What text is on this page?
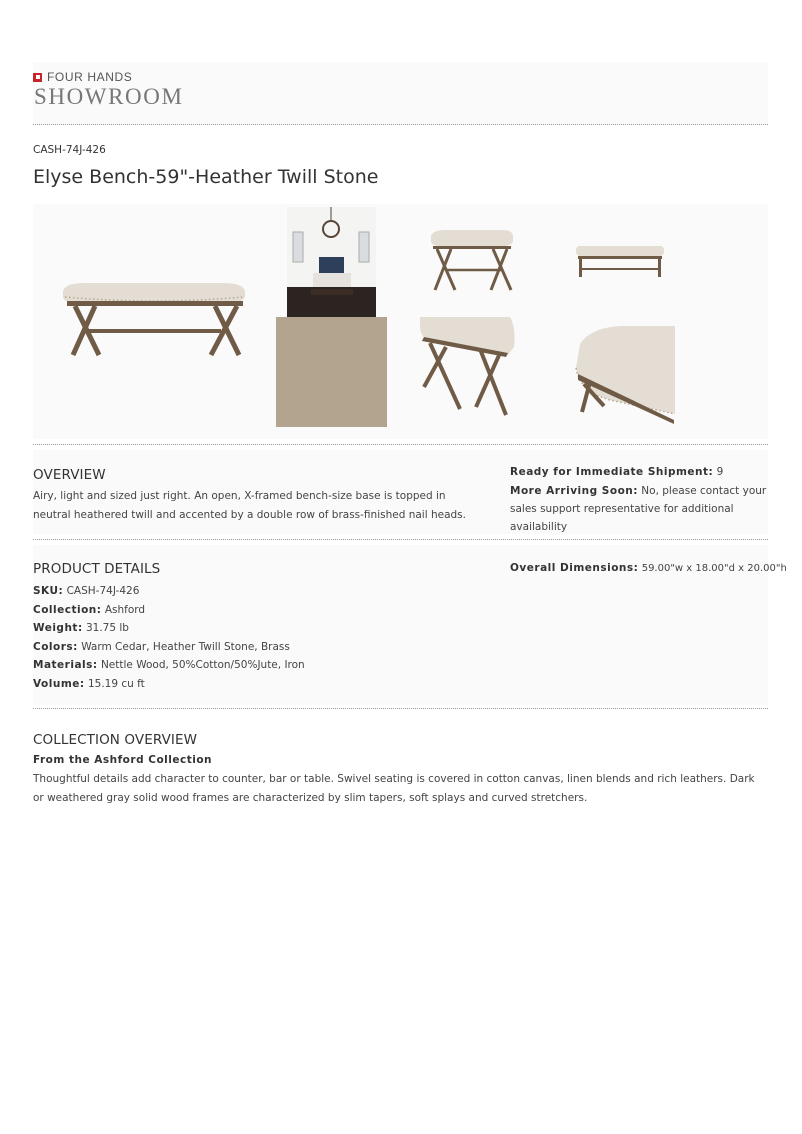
FOUR HANDS
SHOWROOM
CASH-74J-426
Elyse Bench-59"-Heather Twill Stone
OVERVIEW
Airy, light and sized just right. An open, X-framed bench-size base is topped in neutral heathered twill and accented by a double row of brass-finished nail heads.
Ready for Immediate Shipment: 9
More Arriving Soon: No, please contact your sales support representative for additional availability
PRODUCT DETAILS
SKU: CASH-74J-426
Collection: Ashford
Weight: 31.75 lb
Colors: Warm Cedar, Heather Twill Stone, Brass
Materials: Nettle Wood, 50%Cotton/50%Jute, Iron
Volume: 15.19 cu ft
Overall Dimensions: 59.00"w x 18.00"d x 20.00"h
COLLECTION OVERVIEW
From the Ashford Collection
Thoughtful details add character to counter, bar or table. Swivel seating is covered in cotton canvas, linen blends and rich leathers. Dark or weathered gray solid wood frames are characterized by slim tapers, soft splays and curved stretchers.
